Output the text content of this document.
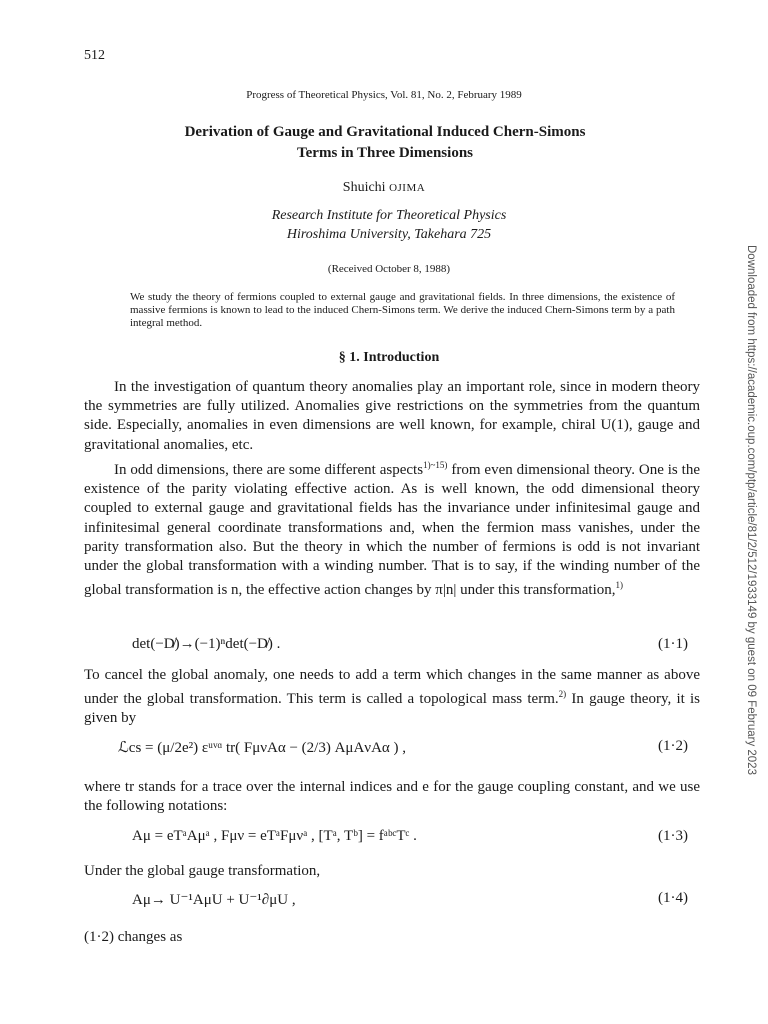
512
Progress of Theoretical Physics, Vol. 81, No. 2, February 1989
Derivation of Gauge and Gravitational Induced Chern-Simons
Terms in Three Dimensions
Shuichi OJIMA
Research Institute for Theoretical Physics
Hiroshima University, Takehara 725
(Received October 8, 1988)
We study the theory of fermions coupled to external gauge and gravitational fields. In three dimensions, the existence of massive fermions is known to lead to the induced Chern-Simons term. We derive the induced Chern-Simons term by a path integral method.
§ 1. Introduction
In the investigation of quantum theory anomalies play an important role, since in modern theory the symmetries are fully utilized. Anomalies give restrictions on the symmetries from the quantum side. Especially, anomalies in even dimensions are well known, for example, chiral U(1), gauge and gravitational anomalies, etc.
In odd dimensions, there are some different aspects$^{1)\sim 15)}$ from even dimensional theory. One is the existence of the parity violating effective action. As is well known, the odd dimensional theory coupled to external gauge and gravitational fields has the invariance under infinitesimal gauge and infinitesimal general coordinate transformations and, when the fermion mass vanishes, under the parity transformation also. But the theory in which the number of fermions is odd is not invariant under the global transformation with a winding number. That is to say, if the winding number of the global transformation is n, the effective action changes by π|n| under this transformation,$^{1)}$
det(−D̸)→(−1)ⁿdet(−D̸) .	(1·1)
To cancel the global anomaly, one needs to add a term which changes in the same manner as above under the global transformation. This term is called a topological mass term.$^{2)}$ In gauge theory, it is given by
ℒcs = (μ/2e²) εᵘᵛᵅ tr( FμνAα − (2/3) AμAνAα ) ,	(1·2)
where tr stands for a trace over the internal indices and e for the gauge coupling constant, and we use the following notations:
Aμ = eTᵃAμᵃ , Fμν = eTᵃFμνᵃ , [Tᵃ, Tᵇ] = fᵃᵇᶜTᶜ .	(1·3)
Under the global gauge transformation,
Aμ→ U⁻¹AμU + U⁻¹∂μU ,	(1·4)
(1·2) changes as
Downloaded from https://academic.oup.com/ptp/article/81/2/512/1933149 by guest on 09 February 2023
